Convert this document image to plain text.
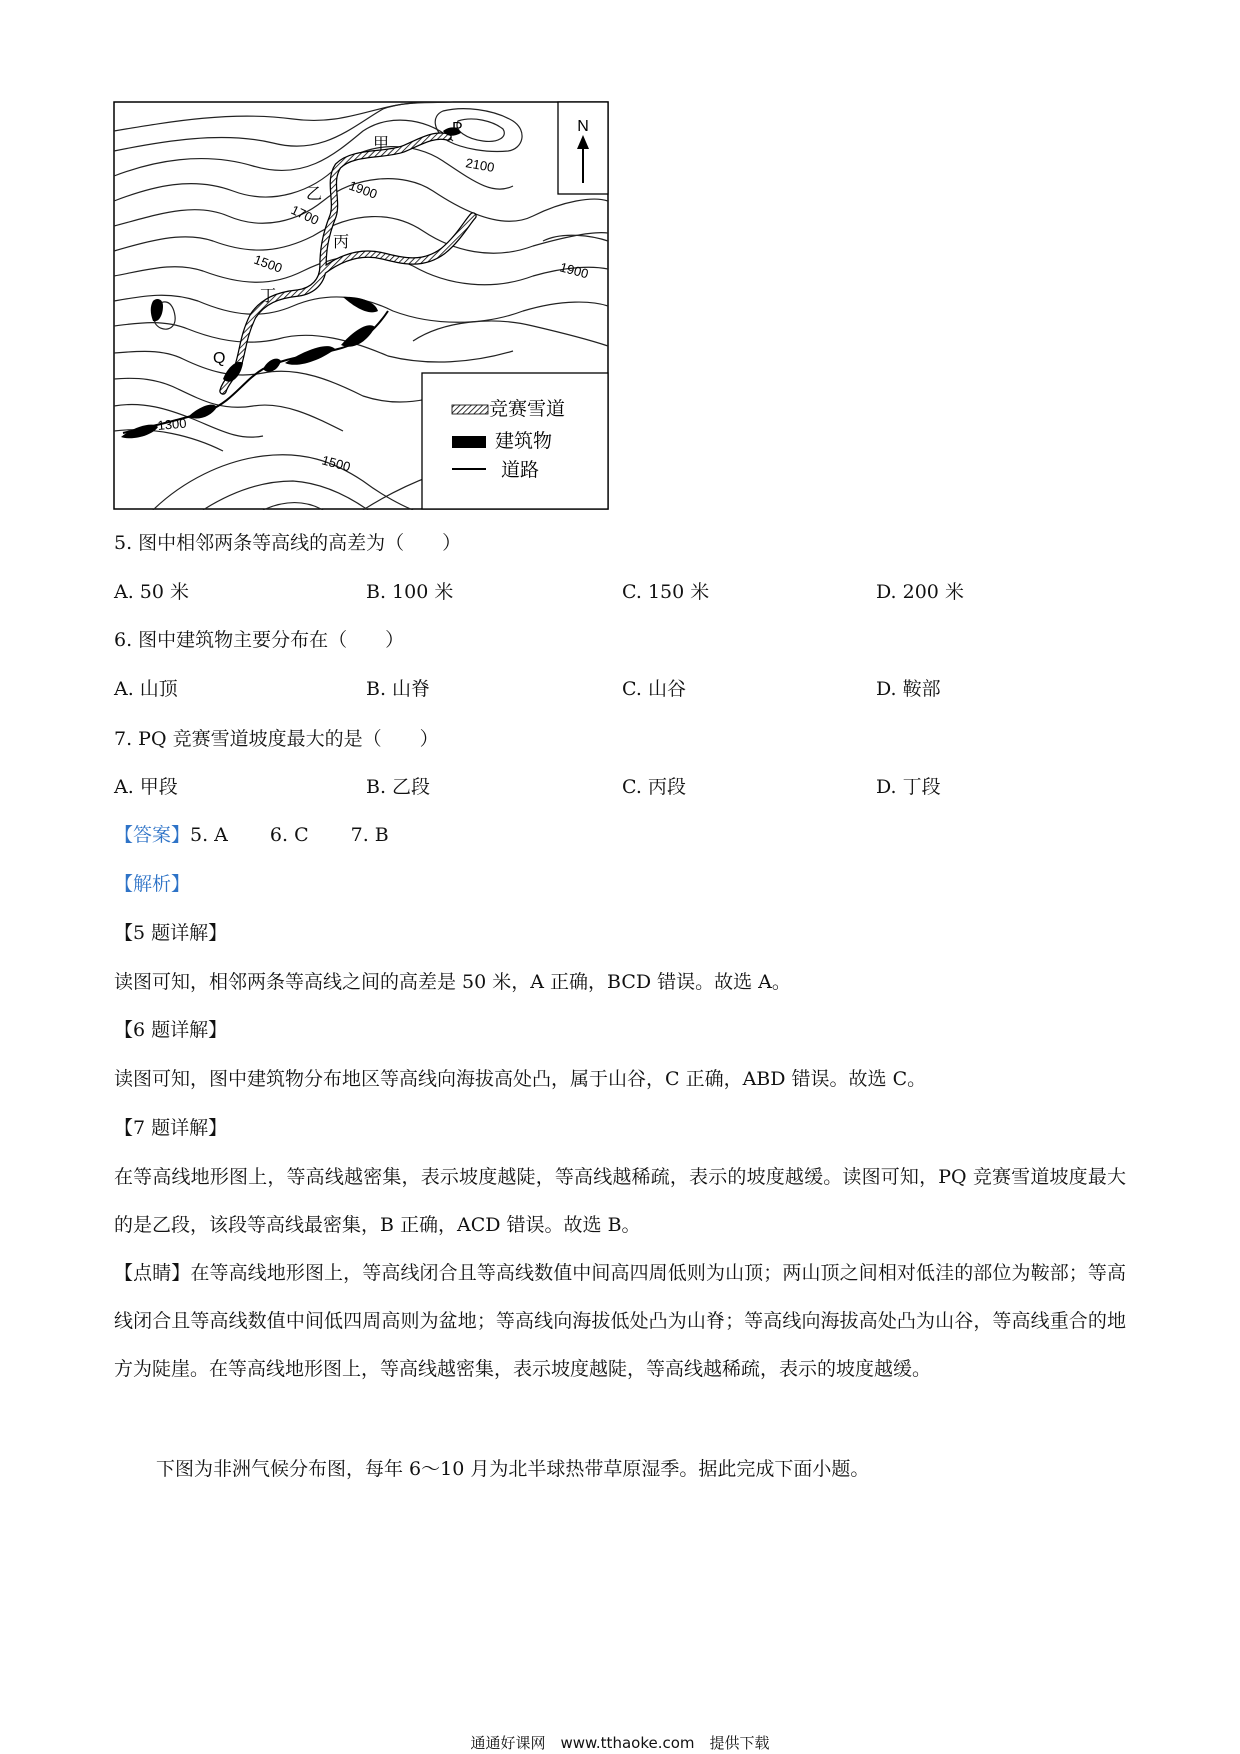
N
P
甲
乙
丙
丁
Q
2100
1900
1700
1500	1900
1300
1500
竞赛雪道
建筑物
道路
5. 图中相邻两条等高线的高差为（　　）
A. 50 米	B. 100 米	C. 150 米	D. 200 米
6. 图中建筑物主要分布在（　　）
A. 山顶	B. 山脊	C. 山谷	D. 鞍部
7. PQ 竞赛雪道坡度最大的是（　　）
A. 甲段	B. 乙段	C. 丙段	D. 丁段
【答案】5. A 6. C 7. B
【解析】
【5 题详解】
读图可知，相邻两条等高线之间的高差是 50 米，A 正确，BCD 错误。故选 A。
【6 题详解】
读图可知，图中建筑物分布地区等高线向海拔高处凸，属于山谷，C 正确，ABD 错误。故选 C。
【7 题详解】

在等高线地形图上，等高线越密集，表示坡度越陡，等高线越稀疏，表示的坡度越缓。读图可知，PQ 竞赛雪道坡度最大的是乙段，该段等高线最密集，B 正确，ACD 错误。故选 B。

【点睛】在等高线地形图上，等高线闭合且等高线数值中间高四周低则为山顶；两山顶之间相对低洼的部位为鞍部；等高线闭合且等高线数值中间低四周高则为盆地；等高线向海拔低处凸为山脊；等高线向海拔高处凸为山谷，等高线重合的地方为陡崖。在等高线地形图上，等高线越密集，表示坡度越陡，等高线越稀疏，表示的坡度越缓。

下图为非洲气候分布图，每年 6～10 月为北半球热带草原湿季。据此完成下面小题。
通通好课网　www.tthaoke.com　提供下载
